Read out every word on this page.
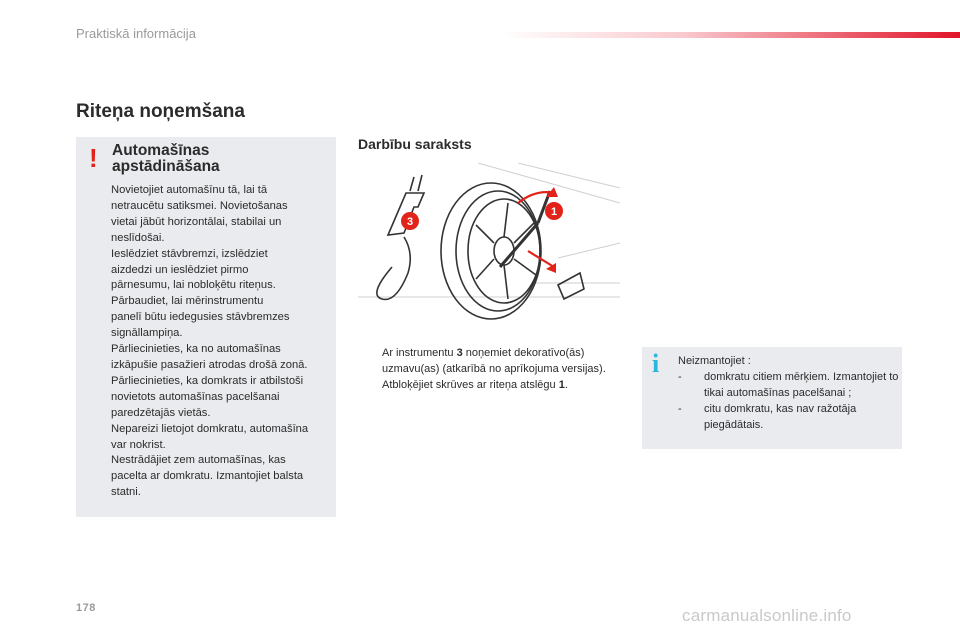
Praktiskā informācija
Riteņa noņemšana
! Automašīnas apstādināšana
Novietojiet automašīnu tā, lai tā
netraucētu satiksmei. Novietošanas
vietai jābūt horizontālai, stabilai un
neslīdošai.
Ieslēdziet stāvbremzi, izslēdziet
aizdedzi un ieslēdziet pirmo
pārnesumu, lai nobloķētu riteņus.
Pārbaudiet, lai mērinstrumentu
panelī būtu iedegusies stāvbremzes
signāllampiņa.
Pārliecinieties, ka no automašīnas
izkāpušie pasažieri atrodas drošā zonā.
Pārliecinieties, ka domkrats ir atbilstoši
novietots automašīnas pacelšanai
paredzētajās vietās.
Nepareizi lietojot domkratu, automašīna
var nokrist.
Nestrādājiet zem automašīnas, kas
pacelta ar domkratu. Izmantojiet balsta
statni.
Darbību saraksts
1
3
Ar instrumentu 3 noņemiet dekoratīvo(ās) uzmavu(as) (atkarībā no aprīkojuma versijas).
Atbloķējiet skrūves ar riteņa atslēgu 1.
i Neizmantojiet :
- domkratu citiem mērķiem. Izmantojiet to tikai automašīnas pacelšanai ;
- citu domkratu, kas nav ražotāja piegādātais.
178	carmanualsonline.info
